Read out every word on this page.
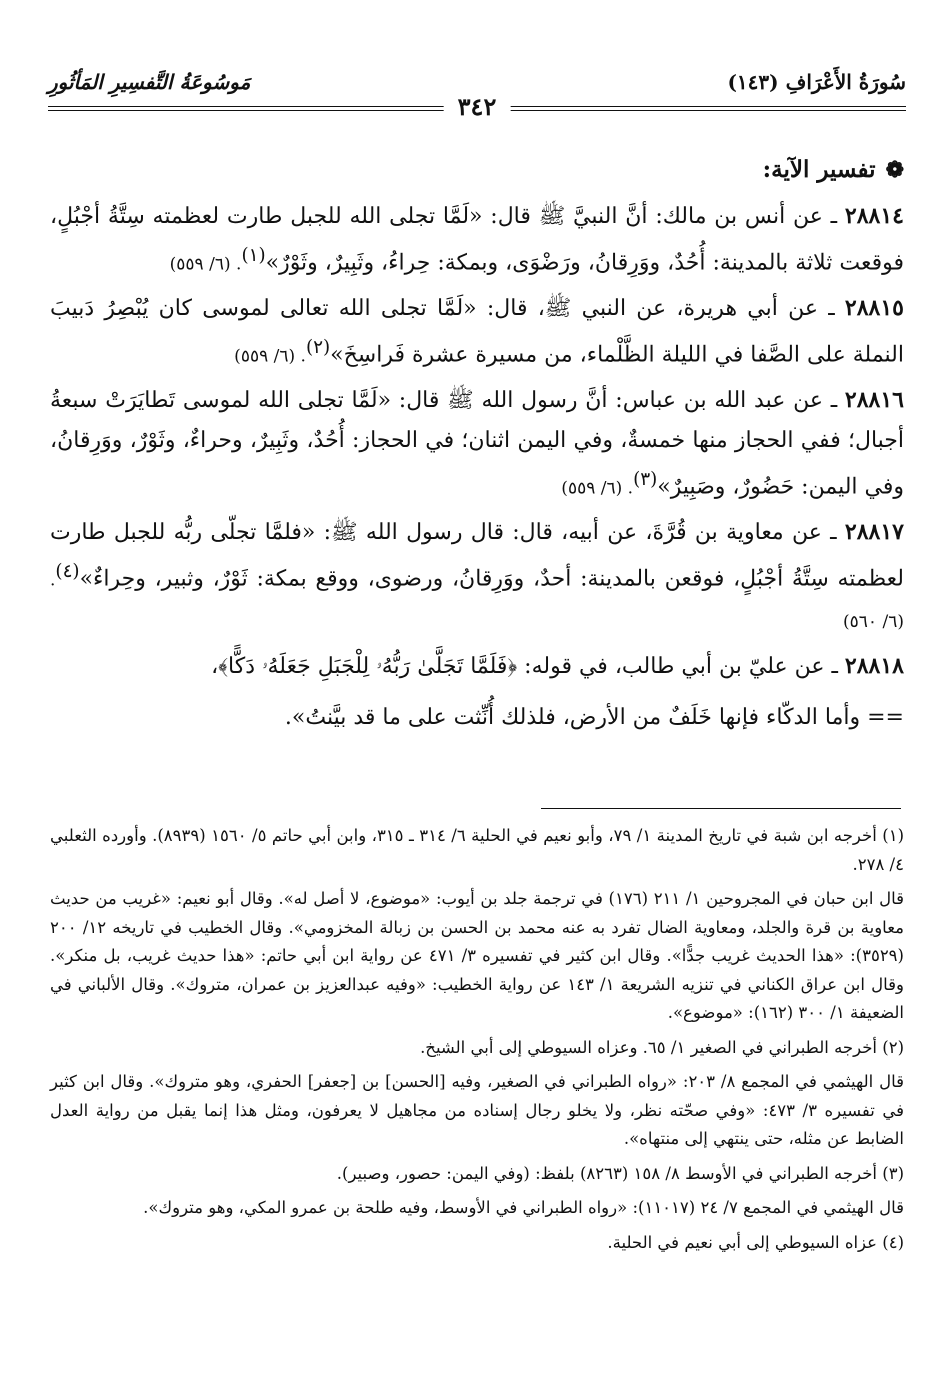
سُورَةُ الأَعْرَافِ (١٤٣)
مَوسُوعَةُ التَّفسِيرِ المَأثُورِ
٣٤٢
❁تفسير الآية:

٢٨٨١٤ ـ عن أنس بن مالك: أنَّ النبيَّ ﷺ قال: «لَمَّا تجلى الله للجبل طارت لعظمته سِتَّةُ أجْبُلٍ، فوقعت ثلاثة بالمدينة: أُحُدٌ، ووَرِقانُ، ورَضْوَى، وبمكة: حِراءُ، وثَبِيرٌ، وثَوْرٌ»$^{(١)}$. (٦/ ٥٥٩)

٢٨٨١٥ ـ عن أبي هريرة، عن النبي ﷺ، قال: «لَمَّا تجلى الله تعالى لموسى كان يُبْصِرُ دَبيبَ النملة على الصَّفا في الليلة الظَّلْماء، من مسيرة عشرة فَراسِخَ»$^{(٢)}$. (٦/ ٥٥٩)

٢٨٨١٦ ـ عن عبد الله بن عباس: أنَّ رسول الله ﷺ قال: «لَمَّا تجلى الله لموسى تَطايَرَتْ سبعةُ أجبال؛ ففي الحجاز منها خمسةٌ، وفي اليمن اثنان؛ في الحجاز: أُحُدٌ، وثَبِيرٌ، وحراءٌ، وثَوْرٌ، ووَرِقانُ، وفي اليمن: حَضُورٌ، وصَبِيرٌ»$^{(٣)}$. (٦/ ٥٥٩)

٢٨٨١٧ ـ عن معاوية بن قُرَّةَ، عن أبيه، قال: قال رسول الله ﷺ: «فلمَّا تجلّى ربُّه للجبل طارت لعظمته سِتَّةُ أجْبُلٍ، فوقعن بالمدينة: أحدٌ، ووَرِقانُ، ورضوى، ووقع بمكة: ثَوْرٌ، وثبير، وحِراءٌ»$^{(٤)}$. (٦/ ٥٦٠)

٢٨٨١٨ ـ عن عليّ بن أبي طالب، في قوله: ﴿فَلَمَّا تَجَلَّىٰ رَبُّهُۥ لِلْجَبَلِ جَعَلَهُۥ دَكًّا﴾،

== وأما الدكّاء فإنها خَلَفٌ من الأرض، فلذلك أُنِّثت على ما قد بيَّنتُ».

(١) أخرجه ابن شبة في تاريخ المدينة ١/ ٧٩، وأبو نعيم في الحلية ٦/ ٣١٤ ـ ٣١٥، وابن أبي حاتم ٥/ ١٥٦٠ (٨٩٣٩). وأورده الثعلبي ٤/ ٢٧٨.

قال ابن حبان في المجروحين ١/ ٢١١ (١٧٦) في ترجمة جلد بن أيوب: «موضوع، لا أصل له». وقال أبو نعيم: «غريب من حديث معاوية بن قرة والجلد، ومعاوية الضال تفرد به عنه محمد بن الحسن بن زبالة المخزومي». وقال الخطيب في تاريخه ١٢/ ٢٠٠ (٣٥٢٩): «هذا الحديث غريب جدًّا». وقال ابن كثير في تفسيره ٣/ ٤٧١ عن رواية ابن أبي حاتم: «هذا حديث غريب، بل منكر». وقال ابن عراق الكناني في تنزيه الشريعة ١/ ١٤٣ عن رواية الخطيب: «وفيه عبدالعزيز بن عمران، متروك». وقال الألباني في الضعيفة ١/ ٣٠٠ (١٦٢): «موضوع».

(٢) أخرجه الطبراني في الصغير ١/ ٦٥. وعزاه السيوطي إلى أبي الشيخ.

قال الهيثمي في المجمع ٨/ ٢٠٣: «رواه الطبراني في الصغير، وفيه [الحسن] بن [جعفر] الحفري، وهو متروك». وقال ابن كثير في تفسيره ٣/ ٤٧٣: «وفي صحّته نظر، ولا يخلو رجال إسناده من مجاهيل لا يعرفون، ومثل هذا إنما يقبل من رواية العدل الضابط عن مثله، حتى ينتهي إلى منتهاه».

(٣) أخرجه الطبراني في الأوسط ٨/ ١٥٨ (٨٢٦٣) بلفظ: (وفي اليمن: حصور، وصبير).

قال الهيثمي في المجمع ٧/ ٢٤ (١١٠١٧): «رواه الطبراني في الأوسط، وفيه طلحة بن عمرو المكي، وهو متروك».

(٤) عزاه السيوطي إلى أبي نعيم في الحلية.
